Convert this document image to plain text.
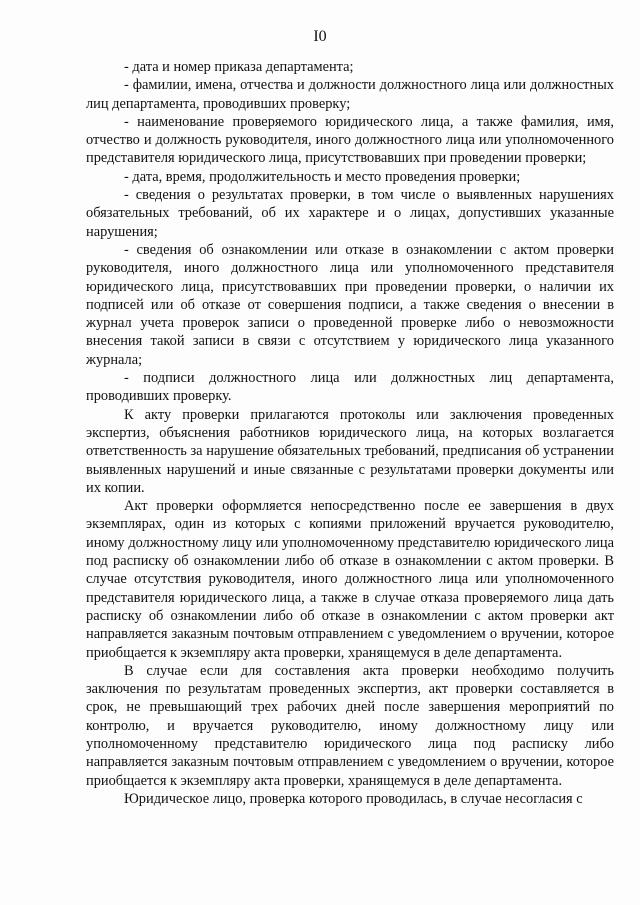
I0

- дата и номер приказа департамента;

- фамилии, имена, отчества и должности должностного лица или должностных лиц департамента, проводивших проверку;

- наименование проверяемого юридического лица, а также фамилия, имя, отчество и должность руководителя, иного должностного лица или уполномоченного представителя юридического лица, присутствовавших при проведении проверки;

- дата, время, продолжительность и место проведения проверки;

- сведения о результатах проверки, в том числе о выявленных нарушениях обязательных требований, об их характере и о лицах, допустивших указанные нарушения;

- сведения об ознакомлении или отказе в ознакомлении с актом проверки руководителя, иного должностного лица или уполномоченного представителя юридического лица, присутствовавших при проведении проверки, о наличии их подписей или об отказе от совершения подписи, а также сведения о внесении в журнал учета проверок записи о проведенной проверке либо о невозможности внесения такой записи в связи с отсутствием у юридического лица указанного журнала;

- подписи должностного лица или должностных лиц департамента, проводивших проверку.

К акту проверки прилагаются протоколы или заключения проведенных экспертиз, объяснения работников юридического лица, на которых возлагается ответственность за нарушение обязательных требований, предписания об устранении выявленных нарушений и иные связанные с результатами проверки документы или их копии.

Акт проверки оформляется непосредственно после ее завершения в двух экземплярах, один из которых с копиями приложений вручается руководителю, иному должностному лицу или уполномоченному представителю юридического лица под расписку об ознакомлении либо об отказе в ознакомлении с актом проверки. В случае отсутствия руководителя, иного должностного лица или уполномоченного представителя юридического лица, а также в случае отказа проверяемого лица дать расписку об ознакомлении либо об отказе в ознакомлении с актом проверки акт направляется заказным почтовым отправлением с уведомлением о вручении, которое приобщается к экземпляру акта проверки, хранящемуся в деле департамента.

В случае если для составления акта проверки необходимо получить заключения по результатам проведенных экспертиз, акт проверки составляется в срок, не превышающий трех рабочих дней после завершения мероприятий по контролю, и вручается руководителю, иному должностному лицу или уполномоченному представителю юридического лица под расписку либо направляется заказным почтовым отправлением с уведомлением о вручении, которое приобщается к экземпляру акта проверки, хранящемуся в деле департамента.

Юридическое лицо, проверка которого проводилась, в случае несогласия с
